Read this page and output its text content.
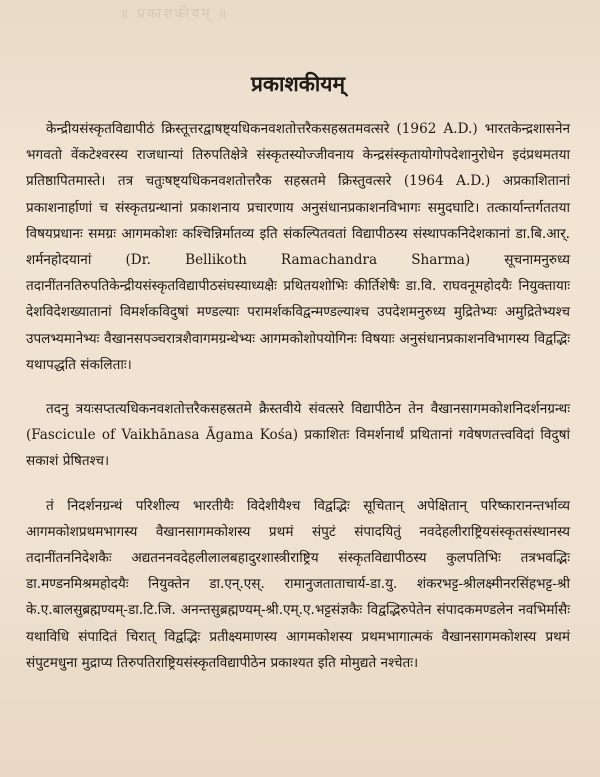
॥ प्रकाशकीयम् ॥
प्रकाशकीयम्

केन्द्रीयसंस्कृतविद्यापीठं क्रिस्तूत्तरद्वाषष्ट्यधिकनवशतोत्तरैकसहस्रतमवत्सरे (1962 A.D.) भारतकेन्द्रशासनेन भगवतो वेंकटेश्वरस्य राजधान्यां तिरुपतिक्षेत्रे संस्कृतस्योज्जीवनाय केन्द्रसंस्कृतायोगोपदेशानुरोधेन इदंप्रथमतया प्रतिष्ठापितमास्ते। तत्र चतुःषष्ट्यधिकनवशतोत्तरैक सहस्रतमे क्रिस्तुवत्सरे (1964 A.D.) अप्रकाशितानां प्रकाशनार्हाणां च संस्कृतग्रन्थानां प्रकाशनाय प्रचारणाय अनुसंधानप्रकाशनविभागः समुदघाटि। तत्कार्यान्तर्गततया विषयप्रधानः समग्रः आगमकोशः कश्चिन्निर्मातव्य इति संकल्पितवतां विद्यापीठस्य संस्थापकनिदेशकानां डा.बि.आर्. शर्मनहोदयानां (Dr. Bellikoth Ramachandra Sharma) सूचनामनुरुध्य तदानींतनतिरुपतिकेन्द्रीयसंस्कृतविद्यापीठसंघस्याध्यक्षैः प्रथितयशोभिः कीर्तिशेषैः डा.वि. राघवनूमहोदयैः नियुक्तायाः देशविदेशख्यातानां विमर्शकविदुषां मण्डल्याः परामर्शकविद्वन्मण्डल्याश्च उपदेशमनुरुध्य मुद्रितेभ्यः अमुद्रितेभ्यश्च उपलभ्यमानेभ्यः वैखानसपञ्चरात्रशैवागमग्रन्थेभ्यः आगमकोशोपयोगिनः विषयाः अनुसंधानप्रकाशनविभागस्य विद्वद्भिः यथापद्धति संकलिताः।

तदनु त्रयःसप्तत्यधिकनवशतोत्तरैकसहस्रतमे क्रैस्तवीये संवत्सरे विद्यापीठेन तेन वैखानसागमकोशनिदर्शनग्रन्थः (Fascicule of Vaikhānasa Āgama Kośa) प्रकाशितः विमर्शनार्थं प्रथितानां गवेषणतत्त्वविदां विदुषां सकाशं प्रेषितश्च।

तं निदर्शनग्रन्थं परिशील्य भारतीयैः विदेशीयैश्च विद्वद्भिः सूचितान् अपेक्षितान् परिष्कारानन्तर्भाव्य आगमकोशप्रथमभागस्य वैखानसागमकोशस्य प्रथमं संपुटं संपादयितुं नवदेहलीराष्ट्रियसंस्कृतसंस्थानस्य तदानींतननिदेशकैः अद्यतननवदेहलीलालबहादुरशास्त्रीराष्ट्रिय संस्कृतविद्यापीठस्य कुलपतिभिः तत्रभवद्भिः डा.मण्डनमिश्रमहोदयैः नियुक्तेन डा.एन्.एस्. रामानुजताताचार्य-डा.यु. शंकरभट्ट-श्रीलक्ष्मीनरसिंहभट्ट-श्री के.ए.बालसुब्रह्मण्यम्-डा.टि.जि. अनन्तसुब्रह्मण्यम्-श्री.एम्.ए.भट्टसंज्ञकैः विद्वद्भिरुपेतेन संपादकमण्डलेन नवभिर्मासैः यथाविधि संपादितं चिरात् विद्वद्भिः प्रतीक्ष्यमाणस्य आगमकोशस्य प्रथमभागात्मकं वैखानसागमकोशस्य प्रथमं संपुटमधुना मुद्राप्य तिरुपतिराष्ट्रियसंस्कृतविद्यापीठेन प्रकाश्यत इति मोमुद्यते नश्चेतः।
